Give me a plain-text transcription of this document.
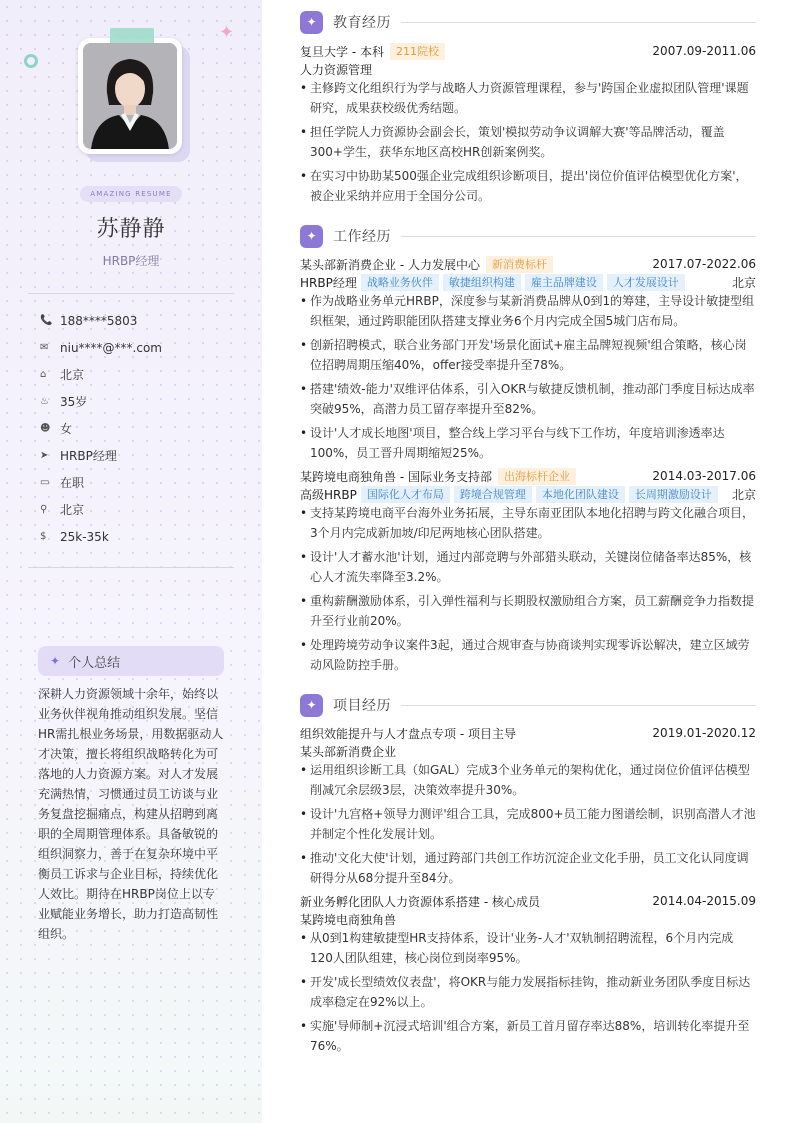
✦
AMAZING RESUME
苏静静
HRBP经理
📞 188****5803
✉ niu****@***.com
⌂	北京
♨ 35岁
☻ 女
➤ HRBP经理
▭ 在职
⚲	北京
$	25k-35k
✦ 个人总结
深耕人力资源领域十余年，始终以业务伙伴视角推动组织发展。坚信HR需扎根业务场景，用数据驱动人才决策，擅长将组织战略转化为可落地的人力资源方案。对人才发展充满热情，习惯通过员工访谈与业务复盘挖掘痛点，构建从招聘到离职的全周期管理体系。具备敏锐的组织洞察力，善于在复杂环境中平衡员工诉求与企业目标，持续优化人效比。期待在HRBP岗位上以专业赋能业务增长，助力打造高韧性组织。
✦	教育经历
复旦大学 - 本科	211院校	2007.09-2011.06
人力资源管理
• 主修跨文化组织行为学与战略人力资源管理课程，参与'跨国企业虚拟团队管理'课题研究，成果获校级优秀结题。
• 担任学院人力资源协会副会长，策划'模拟劳动争议调解大赛'等品牌活动，覆盖300+学生，获华东地区高校HR创新案例奖。
• 在实习中协助某500强企业完成组织诊断项目，提出'岗位价值评估模型优化方案'，被企业采纳并应用于全国分公司。
✦	工作经历
某头部新消费企业 - 人力发展中心	新消费标杆	2017.07-2022.06
HRBP经理 战略业务伙伴	敏捷组织构建	雇主品牌建设	人才发展设计	北京
• 作为战略业务单元HRBP，深度参与某新消费品牌从0到1的筹建，主导设计敏捷型组织框架，通过跨职能团队搭建支撑业务6个月内完成全国5城门店布局。
• 创新招聘模式，联合业务部门开发'场景化面试+雇主品牌短视频'组合策略，核心岗位招聘周期压缩40%，offer接受率提升至78%。
• 搭建'绩效-能力'双维评估体系，引入OKR与敏捷反馈机制，推动部门季度目标达成率突破95%，高潜力员工留存率提升至82%。
• 设计'人才成长地图'项目，整合线上学习平台与线下工作坊，年度培训渗透率达100%，员工晋升周期缩短25%。
某跨境电商独角兽 - 国际业务支持部	出海标杆企业	2014.03-2017.06
高级HRBP 国际化人才布局	跨境合规管理	本地化团队建设	长周期激励设计	北京
• 支持某跨境电商平台海外业务拓展，主导东南亚团队本地化招聘与跨文化融合项目，3个月内完成新加坡/印尼两地核心团队搭建。
• 设计'人才蓄水池'计划，通过内部竞聘与外部猎头联动，关键岗位储备率达85%，核心人才流失率降至3.2%。
• 重构薪酬激励体系，引入弹性福利与长期股权激励组合方案，员工薪酬竞争力指数提升至行业前20%。
• 处理跨境劳动争议案件3起，通过合规审查与协商谈判实现零诉讼解决，建立区域劳动风险防控手册。
✦	项目经历
组织效能提升与人才盘点专项 - 项目主导	2019.01-2020.12
某头部新消费企业
• 运用组织诊断工具（如GAL）完成3个业务单元的架构优化，通过岗位价值评估模型削减冗余层级3层，决策效率提升30%。
• 设计'九宫格+领导力测评'组合工具，完成800+员工能力图谱绘制，识别高潜人才池并制定个性化发展计划。
• 推动'文化大使'计划，通过跨部门共创工作坊沉淀企业文化手册，员工文化认同度调研得分从68分提升至84分。
新业务孵化团队人力资源体系搭建 - 核心成员	2014.04-2015.09
某跨境电商独角兽
• 从0到1构建敏捷型HR支持体系，设计'业务-人才'双轨制招聘流程，6个月内完成120人团队组建，核心岗位到岗率95%。
• 开发'成长型绩效仪表盘'，将OKR与能力发展指标挂钩，推动新业务团队季度目标达成率稳定在92%以上。
• 实施'导师制+沉浸式培训'组合方案，新员工首月留存率达88%，培训转化率提升至76%。
